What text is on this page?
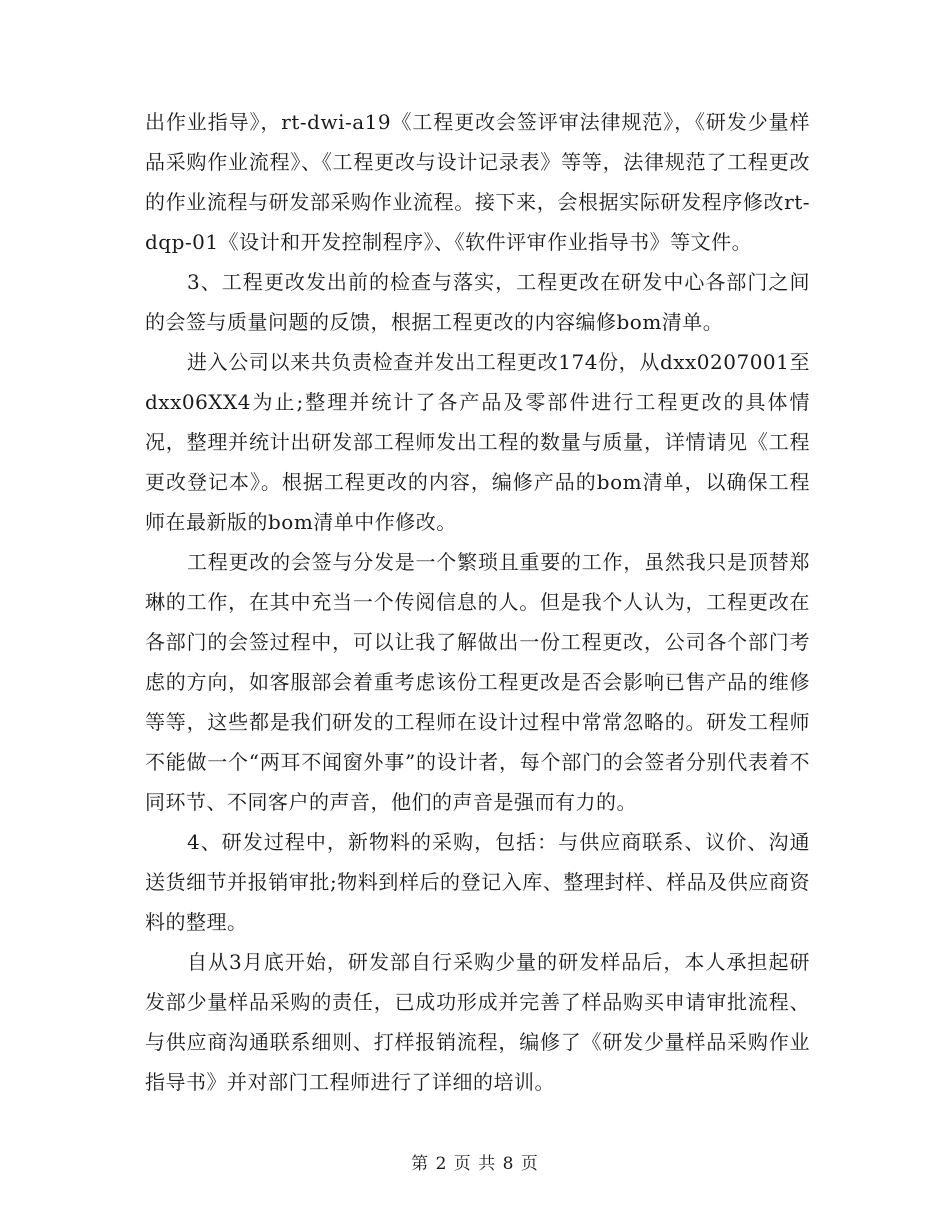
出作业指导》，rt-dwi-a19《工程更改会签评审法律规范》，《研发少量样品采购作业流程》、《工程更改与设计记录表》等等，法律规范了工程更改的作业流程与研发部采购作业流程。接下来，会根据实际研发程序修改rt-dqp-01《设计和开发控制程序》、《软件评审作业指导书》等文件。

3、工程更改发出前的检查与落实，工程更改在研发中心各部门之间的会签与质量问题的反馈，根据工程更改的内容编修bom清单。

进入公司以来共负责检查并发出工程更改174份，从dxx0207001至dxx06XX4为止;整理并统计了各产品及零部件进行工程更改的具体情况，整理并统计出研发部工程师发出工程的数量与质量，详情请见《工程更改登记本》。根据工程更改的内容，编修产品的bom清单，以确保工程师在最新版的bom清单中作修改。

工程更改的会签与分发是一个繁琐且重要的工作，虽然我只是顶替郑琳的工作，在其中充当一个传阅信息的人。但是我个人认为，工程更改在各部门的会签过程中，可以让我了解做出一份工程更改，公司各个部门考虑的方向，如客服部会着重考虑该份工程更改是否会影响已售产品的维修等等，这些都是我们研发的工程师在设计过程中常常忽略的。研发工程师不能做一个“两耳不闻窗外事”的设计者，每个部门的会签者分别代表着不同环节、不同客户的声音，他们的声音是强而有力的。

4、研发过程中，新物料的采购，包括：与供应商联系、议价、沟通送货细节并报销审批;物料到样后的登记入库、整理封样、样品及供应商资料的整理。

自从3月底开始，研发部自行采购少量的研发样品后，本人承担起研发部少量样品采购的责任，已成功形成并完善了样品购买申请审批流程、与供应商沟通联系细则、打样报销流程，编修了《研发少量样品采购作业指导书》并对部门工程师进行了详细的培训。

第 2 页 共 8 页
